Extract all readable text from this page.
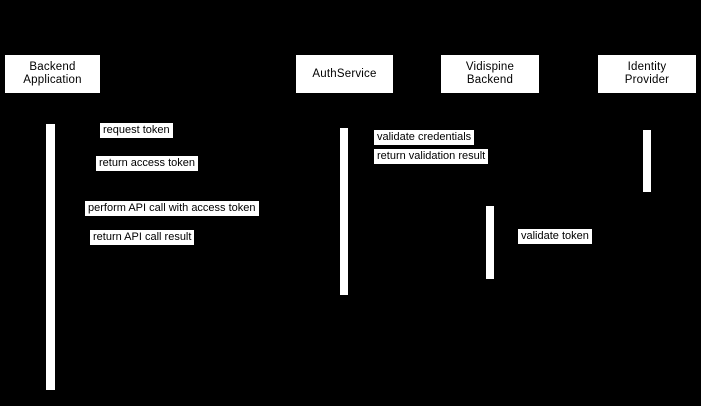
Backend
Application
AuthService
Vidispine
Backend
Identity
Provider
request token
validate credentials
return validation result
return access token
perform API call with access token
validate token
return API call result
